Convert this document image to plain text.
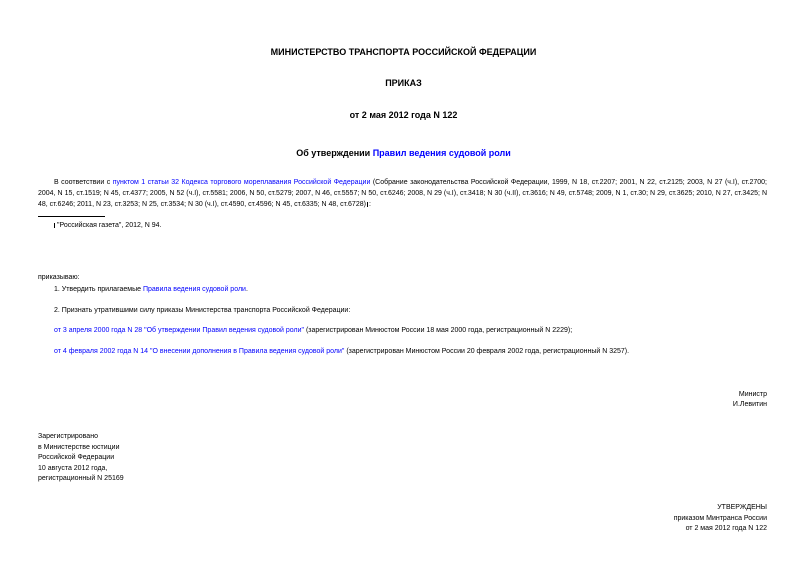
МИНИСТЕРСТВО ТРАНСПОРТА РОССИЙСКОЙ ФЕДЕРАЦИИ
ПРИКАЗ
от 2 мая 2012 года N 122
Об утверждении Правил ведения судовой роли
В соответствии с пунктом 1 статьи 32 Кодекса торгового мореплавания Российской Федерации (Собрание законодательства Российской Федерации, 1999, N 18, ст.2207; 2001, N 22, ст.2125; 2003, N 27 (ч.I), ст.2700; 2004, N 15, ст.1519; N 45, ст.4377; 2005, N 52 (ч.I), ст.5581; 2006, N 50, ст.5279; 2007, N 46, ст.5557; N 50, ст.6246; 2008, N 29 (ч.I), ст.3418; N 30 (ч.II), ст.3616; N 49, ст.5748; 2009, N 1, ст.30; N 29, ст.3625; 2010, N 27, ст.3425; N 48, ст.6246; 2011, N 23, ст.3253; N 25, ст.3534; N 30 (ч.I), ст.4590, ст.4596; N 45, ст.6335; N 48, ст.6728) :
"Российская газета", 2012, N 94.
приказываю:
1. Утвердить прилагаемые Правила ведения судовой роли.
2. Признать утратившими силу приказы Министерства транспорта Российской Федерации:
от 3 апреля 2000 года N 28 "Об утверждении Правил ведения судовой роли" (зарегистрирован Минюстом России 18 мая 2000 года, регистрационный N 2229);
от 4 февраля 2002 года N 14 "О внесении дополнения в Правила ведения судовой роли" (зарегистрирован Минюстом России 20 февраля 2002 года, регистрационный N 3257).
Министр
И.Левитин
Зарегистрировано
в Министерстве юстиции
Российской Федерации
10 августа 2012 года,
регистрационный N 25169
УТВЕРЖДЕНЫ
приказом Минтранса России
от 2 мая 2012 года N 122
